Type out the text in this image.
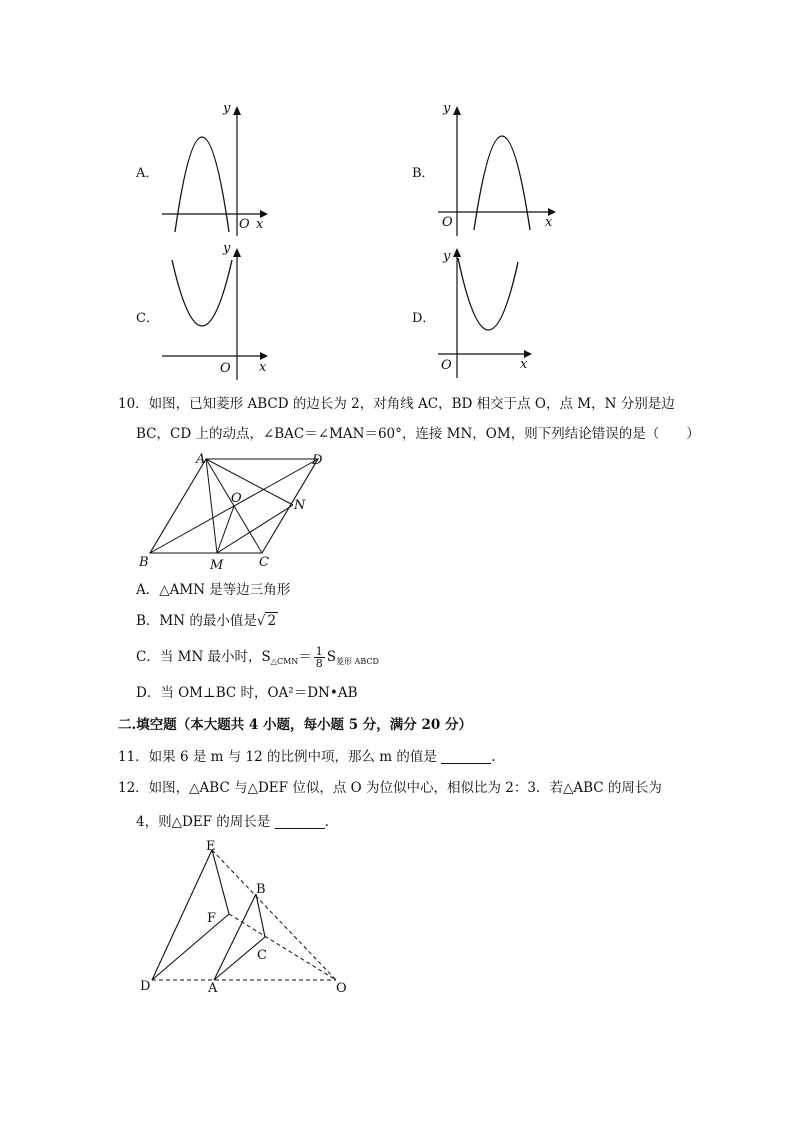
A．
y
x
O
B．
y
x
O
C．
y
x
O
D．
y
x
O
10．如图，已知菱形 ABCD 的边长为 2，对角线 AC，BD 相交于点 O，点 M，N 分别是边
BC，CD 上的动点，∠BAC＝∠MAN＝60°，连接 MN，OM，则下列结论错误的是（　　）
A	D
O	N
B	M	C
A．△AMN 是等边三角形
B．MN 的最小值是√ 2
C．当 MN 最小时，$S_{\triangle CMN}= \frac{1}{8} S_{菱形 ABCD}$
D．当 OM⊥BC 时，OA²＝DN•AB
二.填空题（本大题共 4 小题，每小题 5 分，满分 20 分）
11．如果 6 是 m 与 12 的比例中项，那么 m 的值是	.
12．如图，△ABC 与△DEF 位似，点 O 为位似中心，相似比为 2：3．若△ABC 的周长为
4，则△DEF 的周长是	.
E
B
F
C
D	A	O
